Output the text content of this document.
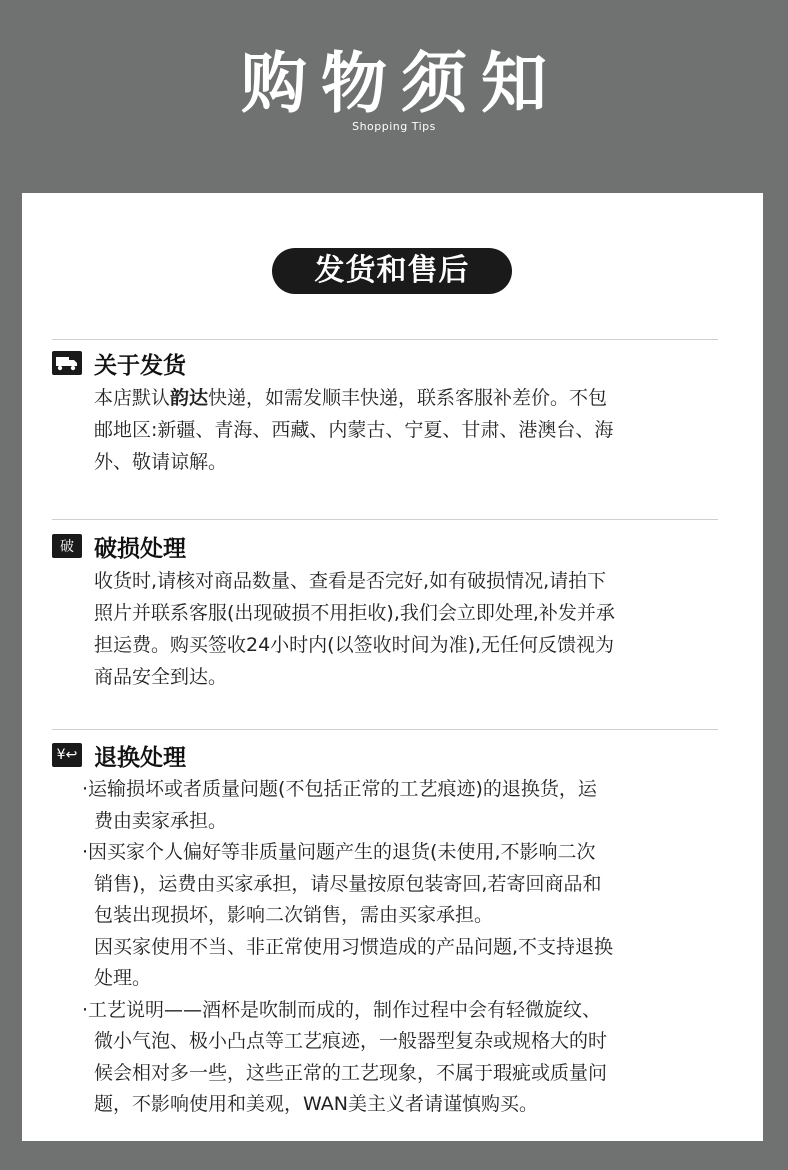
购物须知
Shopping Tips
发货和售后
关于发货

本店默认韵达快递，如需发顺丰快递，联系客服补差价。不包

邮地区:新疆、青海、西藏、内蒙古、宁夏、甘肃、港澳台、海

外、敬请谅解。

破 破损处理

收货时,请核对商品数量、查看是否完好,如有破损情况,请拍下

照片并联系客服(出现破损不用拒收),我们会立即处理,补发并承

担运费。购买签收24小时内(以签收时间为准),无任何反馈视为

商品安全到达。

¥↩ 退换处理

·运输损坏或者质量问题(不包括正常的工艺痕迹)的退换货，运

费由卖家承担。

·因买家个人偏好等非质量问题产生的退货(未使用,不影响二次

销售)，运费由买家承担，请尽量按原包装寄回,若寄回商品和

包装出现损坏，影响二次销售，需由买家承担。

因买家使用不当、非正常使用习惯造成的产品问题,不支持退换

处理。

·工艺说明——酒杯是吹制而成的，制作过程中会有轻微旋纹、

微小气泡、极小凸点等工艺痕迹，一般器型复杂或规格大的时

候会相对多一些，这些正常的工艺现象，不属于瑕疵或质量问

题，不影响使用和美观，WAN美主义者请谨慎购买。
